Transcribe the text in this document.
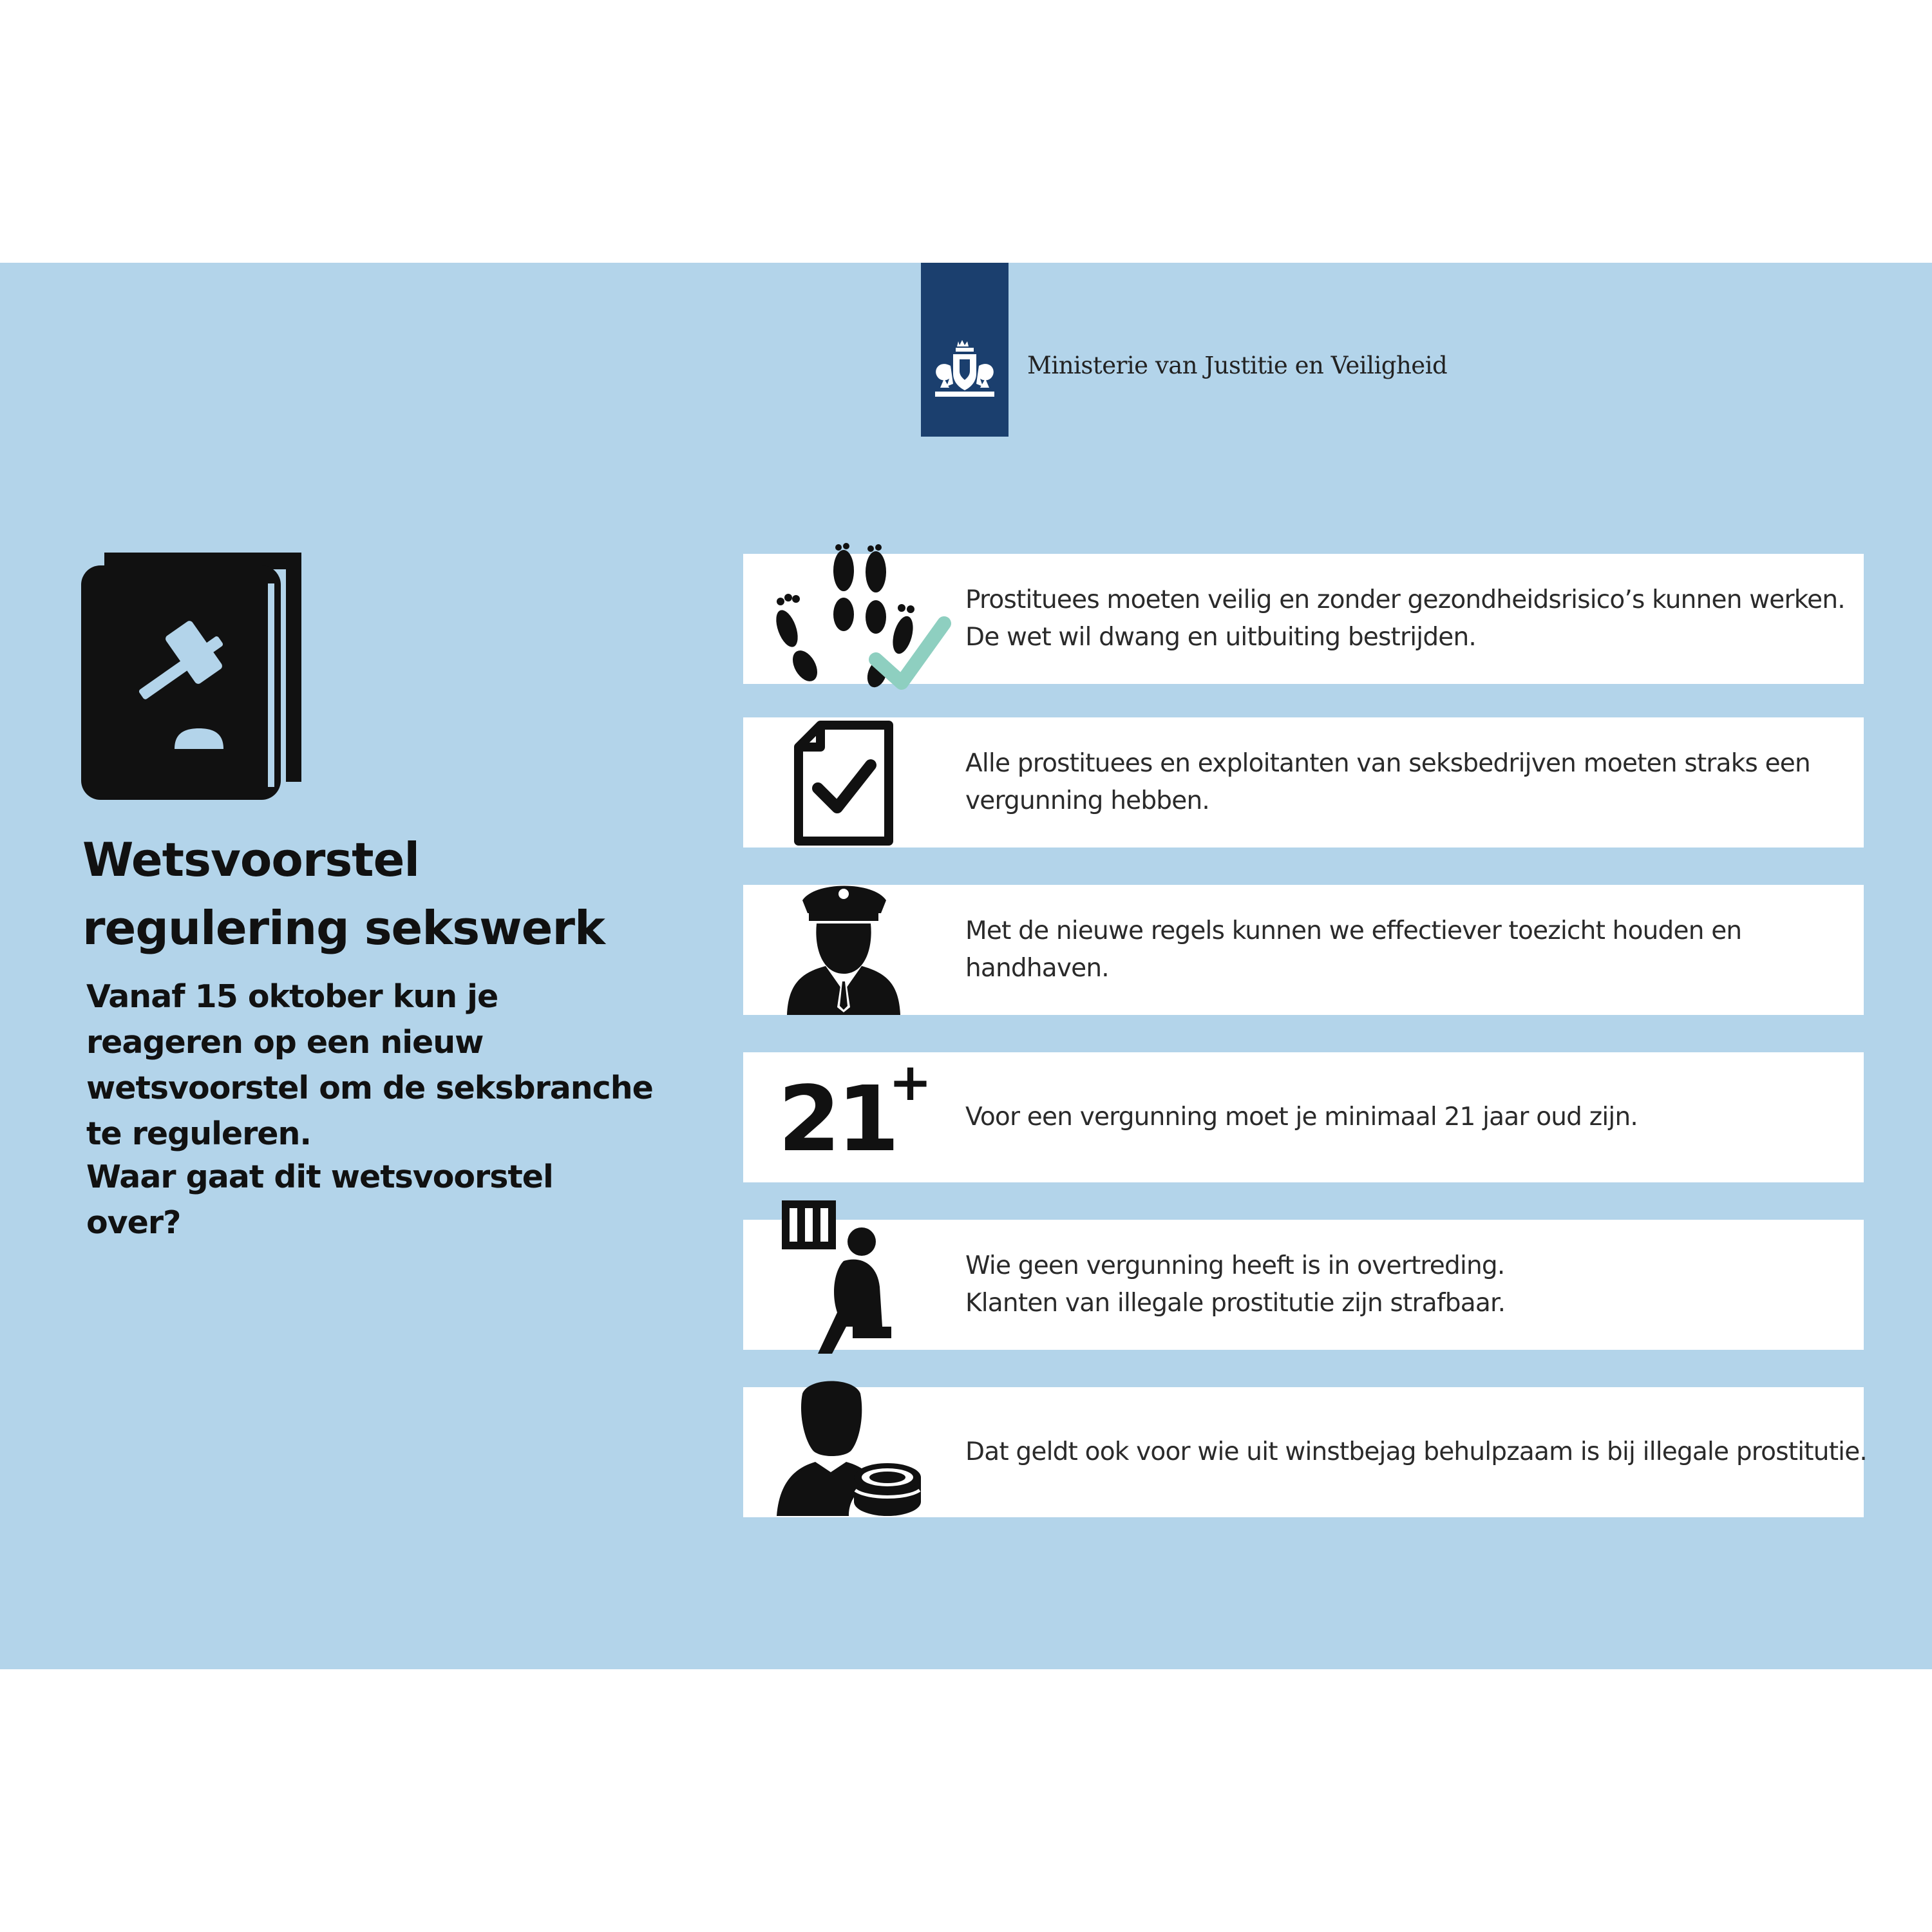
Ministerie van Justitie en Veiligheid
Wetsvoorstel
regulering sekswerk
Vanaf 15 oktober kun je reageren op een nieuw wetsvoorstel om de seksbranche te reguleren.
Waar gaat dit wetsvoorstel over?
Prostituees moeten veilig en zonder gezondheidsrisico’s kunnen werken.
De wet wil dwang en uitbuiting bestrijden.
Alle prostituees en exploitanten van seksbedrijven moeten straks een
vergunning hebben.
Met de nieuwe regels kunnen we effectiever toezicht houden en
handhaven.
21
+
Voor een vergunning moet je minimaal 21 jaar oud zijn.
Wie geen vergunning heeft is in overtreding.
Klanten van illegale prostitutie zijn strafbaar.
Dat geldt ook voor wie uit winstbejag behulpzaam is bij illegale prostitutie.
